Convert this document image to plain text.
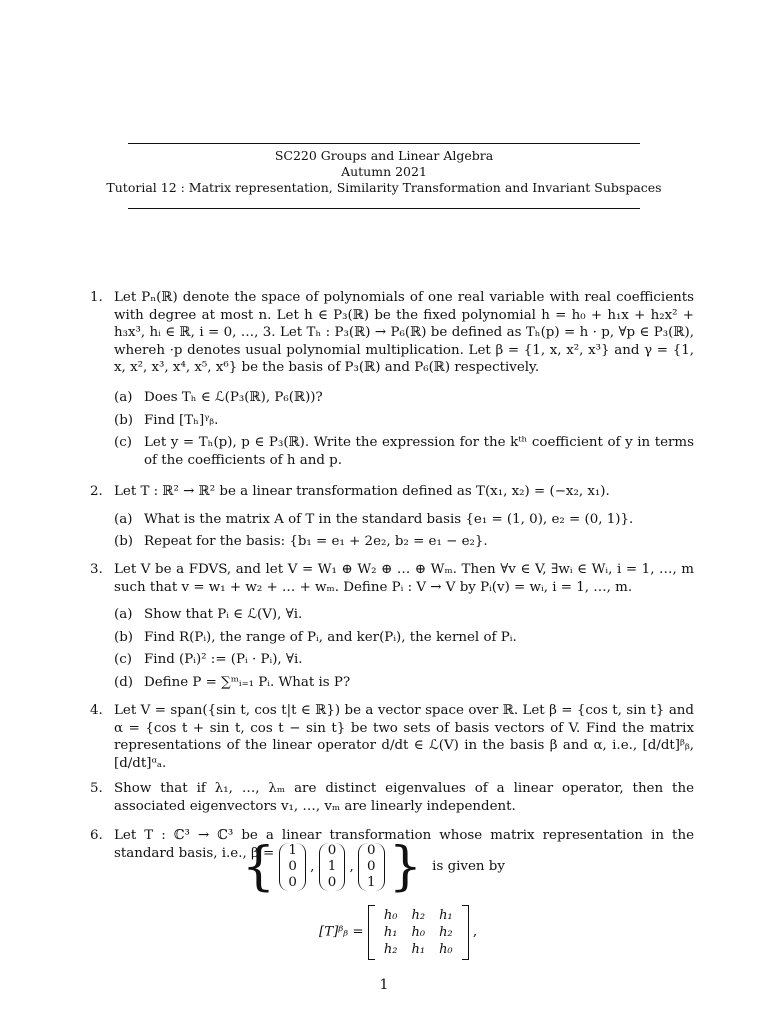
SC220 Groups and Linear Algebra
Autumn 2021
Tutorial 12 : Matrix representation, Similarity Transformation and Invariant Subspaces
1. Let Pₙ(ℝ) denote the space of polynomials of one real variable with real coefficients with degree at most n. Let h ∈ P₃(ℝ) be the fixed polynomial h = h₀ + h₁x + h₂x² + h₃x³, hᵢ ∈ ℝ, i = 0, …, 3. Let Tₕ : P₃(ℝ) → P₆(ℝ) be defined as Tₕ(p) = h · p, ∀p ∈ P₃(ℝ), whereh ·p denotes usual polynomial multiplication. Let β = {1, x, x², x³} and γ = {1, x, x², x³, x⁴, x⁵, x⁶} be the basis of P₃(ℝ) and P₆(ℝ) respectively.

(a) Does Tₕ ∈ ℒ(P₃(ℝ), P₆(ℝ))?
(b) Find [Tₕ]ᵞᵦ.
(c) Let y = Tₕ(p), p ∈ P₃(ℝ). Write the expression for the kᵗʰ coefficient of y in terms of the coefficients of h and p.
2. Let T : ℝ² → ℝ² be a linear transformation defined as T(x₁, x₂) = (−x₂, x₁).

(a) What is the matrix A of T in the standard basis {e₁ = (1, 0), e₂ = (0, 1)}.
(b) Repeat for the basis: {b₁ = e₁ + 2e₂, b₂ = e₁ − e₂}.
3. Let V be a FDVS, and let V = W₁ ⊕ W₂ ⊕ … ⊕ Wₘ. Then ∀v ∈ V, ∃wᵢ ∈ Wᵢ, i = 1, …, m such that v = w₁ + w₂ + … + wₘ. Define Pᵢ : V → V by Pᵢ(v) = wᵢ, i = 1, …, m.

(a) Show that Pᵢ ∈ ℒ(V), ∀i.
(b) Find R(Pᵢ), the range of Pᵢ, and ker(Pᵢ), the kernel of Pᵢ.
(c) Find (Pᵢ)² := (Pᵢ · Pᵢ), ∀i.
(d) Define P = ∑ᵐᵢ₌₁ Pᵢ. What is P?
4. Let V = span({sin t, cos t|t ∈ ℝ}) be a vector space over ℝ. Let β = {cos t, sin t} and α = {cos t + sin t, cos t − sin t} be two sets of basis vectors of V. Find the matrix representations of the linear operator d/dt ∈ ℒ(V) in the basis β and α, i.e., [d/dt]ᵝᵦ, [d/dt]ᵅₐ.

5. Show that if λ₁, …, λₘ are distinct eigenvalues of a linear operator, then the associated eigenvectors v₁, …, vₘ are linearly independent.

6. Let T : ℂ³ → ℂ³ be a linear transformation whose matrix representation in the standard basis, i.e., β =
{ 1
0
0
,
0
1
0
,
0
0
1 } is given by
[T]ᵝᵦ =
h₀	h₂	h₁
h₁	h₀	h₂
h₂	h₁	h₀
,
1
